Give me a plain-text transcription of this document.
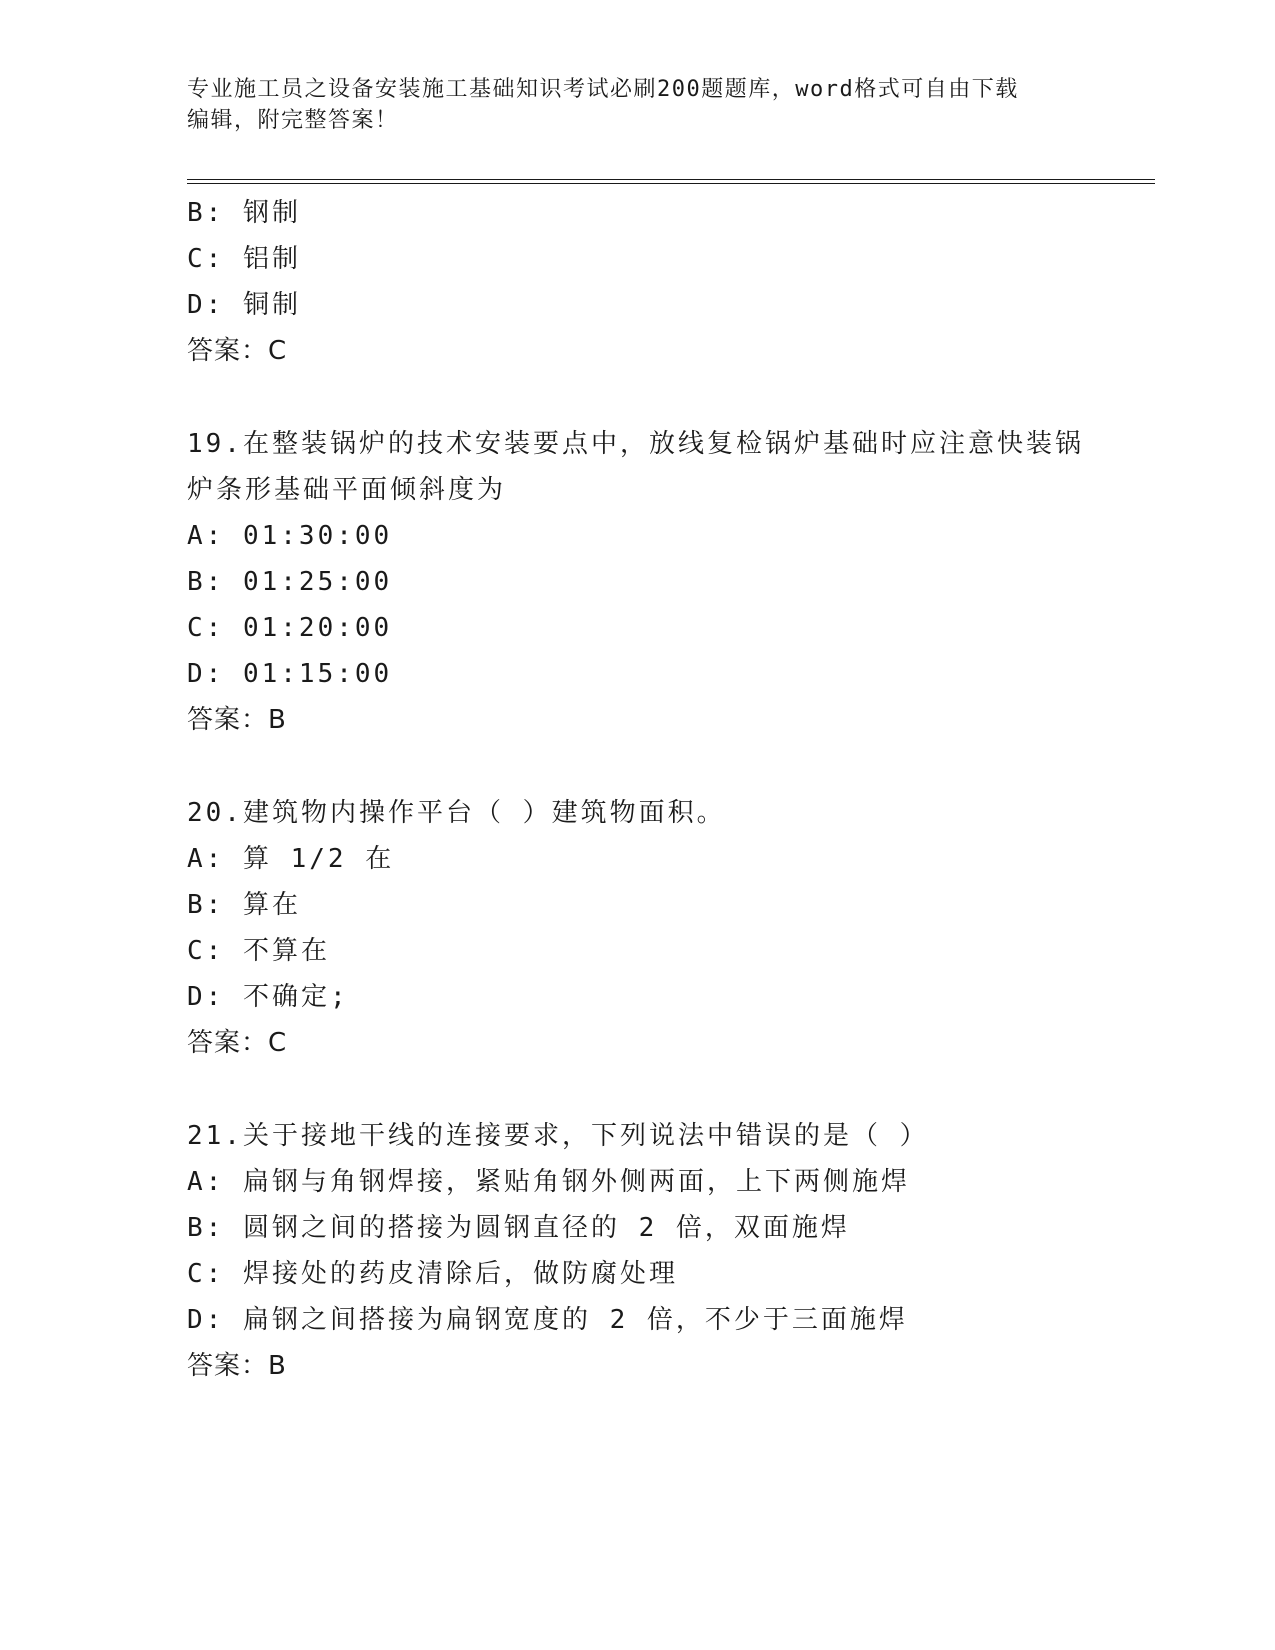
专业施工员之设备安装施工基础知识考试必刷200题题库，word格式可自由下载
编辑，附完整答案！
B: 钢制
C: 铝制
D: 铜制
答案：C
19.在整装锅炉的技术安装要点中，放线复检锅炉基础时应注意快装锅
炉条形基础平面倾斜度为
A: 01:30:00
B: 01:25:00
C: 01:20:00
D: 01:15:00
答案：B
20.建筑物内操作平台（ ）建筑物面积。
A: 算 1/2 在
B: 算在
C: 不算在
D: 不确定;
答案：C
21.关于接地干线的连接要求，下列说法中错误的是（ ）
A: 扁钢与角钢焊接，紧贴角钢外侧两面，上下两侧施焊
B: 圆钢之间的搭接为圆钢直径的 2 倍，双面施焊
C: 焊接处的药皮清除后，做防腐处理
D: 扁钢之间搭接为扁钢宽度的 2 倍，不少于三面施焊
答案：B
